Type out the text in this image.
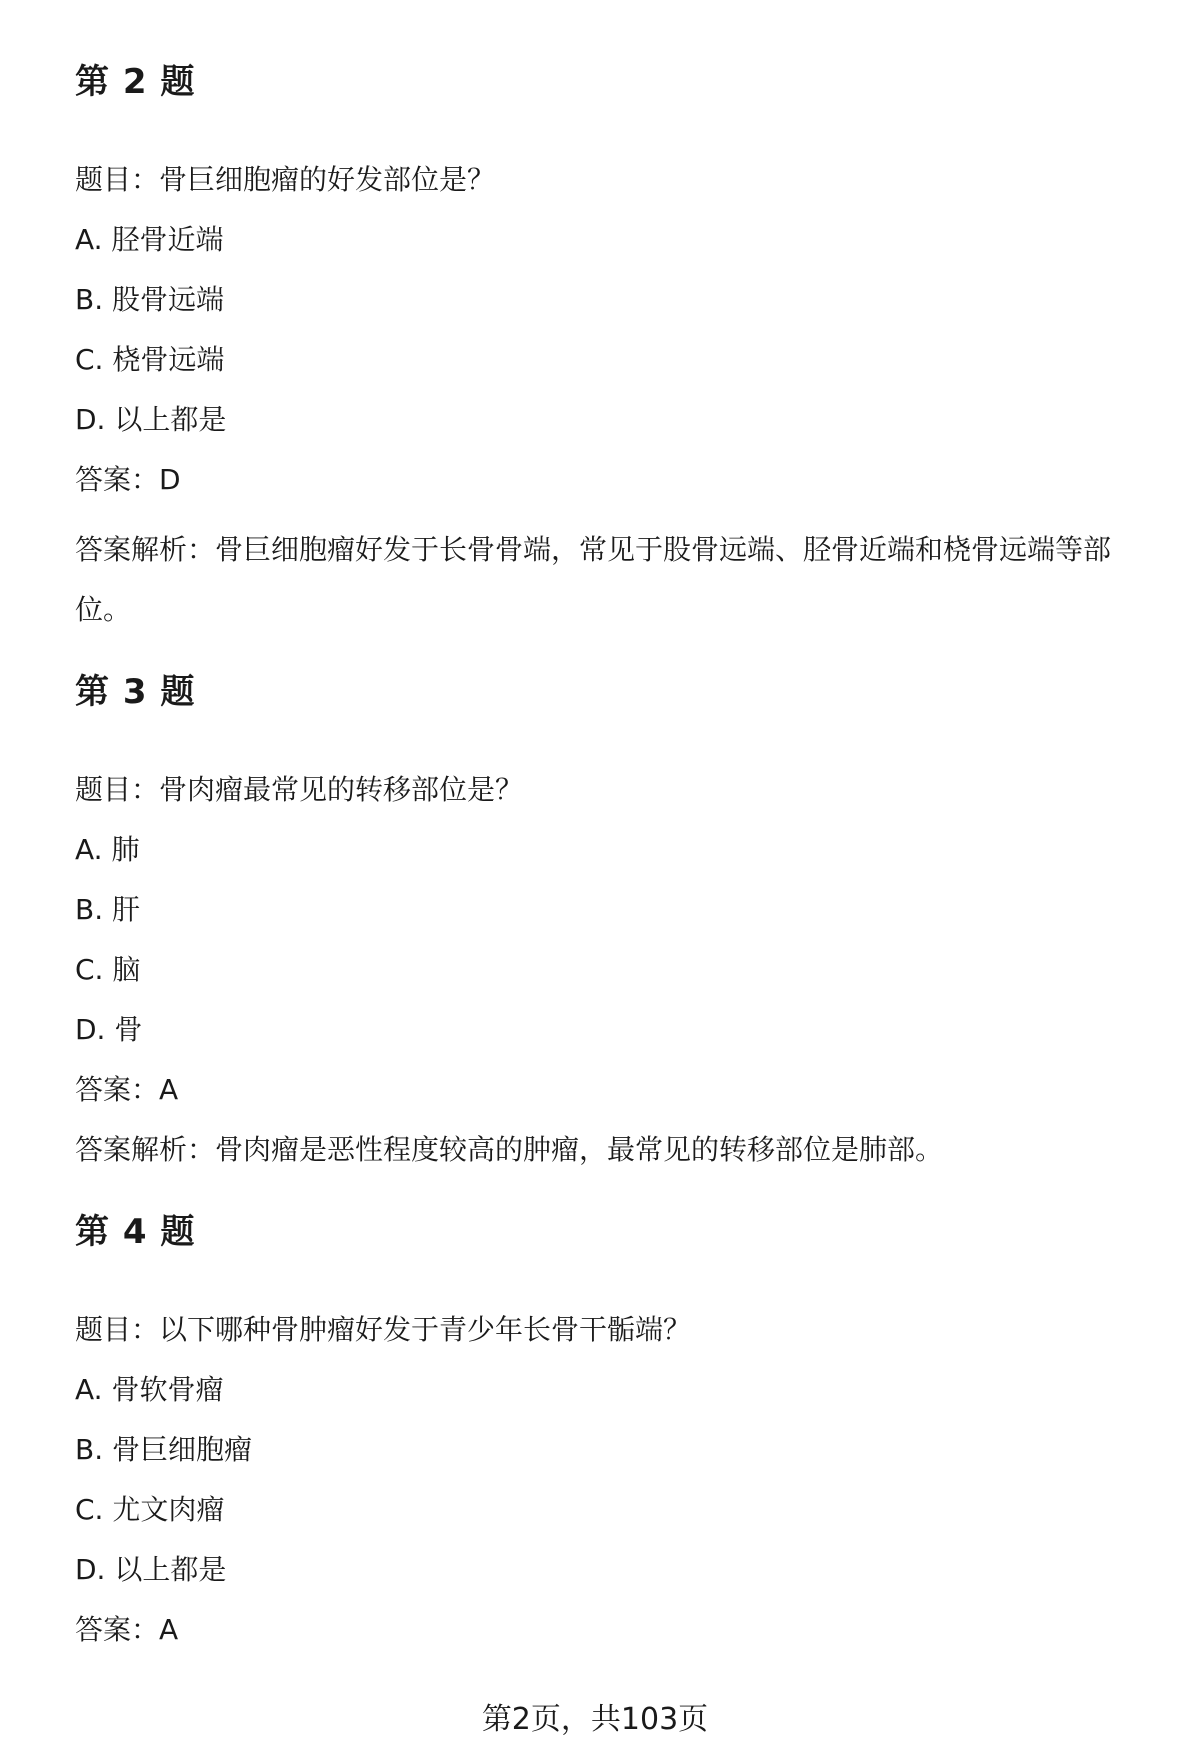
第 2 题
题目：骨巨细胞瘤的好发部位是？
A. 胫骨近端
B. 股骨远端
C. 桡骨远端
D. 以上都是
答案：D
答案解析：骨巨细胞瘤好发于长骨骨端，常见于股骨远端、胫骨近端和桡骨远端等部位。
第 3 题
题目：骨肉瘤最常见的转移部位是？
A. 肺
B. 肝
C. 脑
D. 骨
答案：A
答案解析：骨肉瘤是恶性程度较高的肿瘤，最常见的转移部位是肺部。
第 4 题
题目：以下哪种骨肿瘤好发于青少年长骨干骺端？
A. 骨软骨瘤
B. 骨巨细胞瘤
C. 尤文肉瘤
D. 以上都是
答案：A
第2页，共103页
